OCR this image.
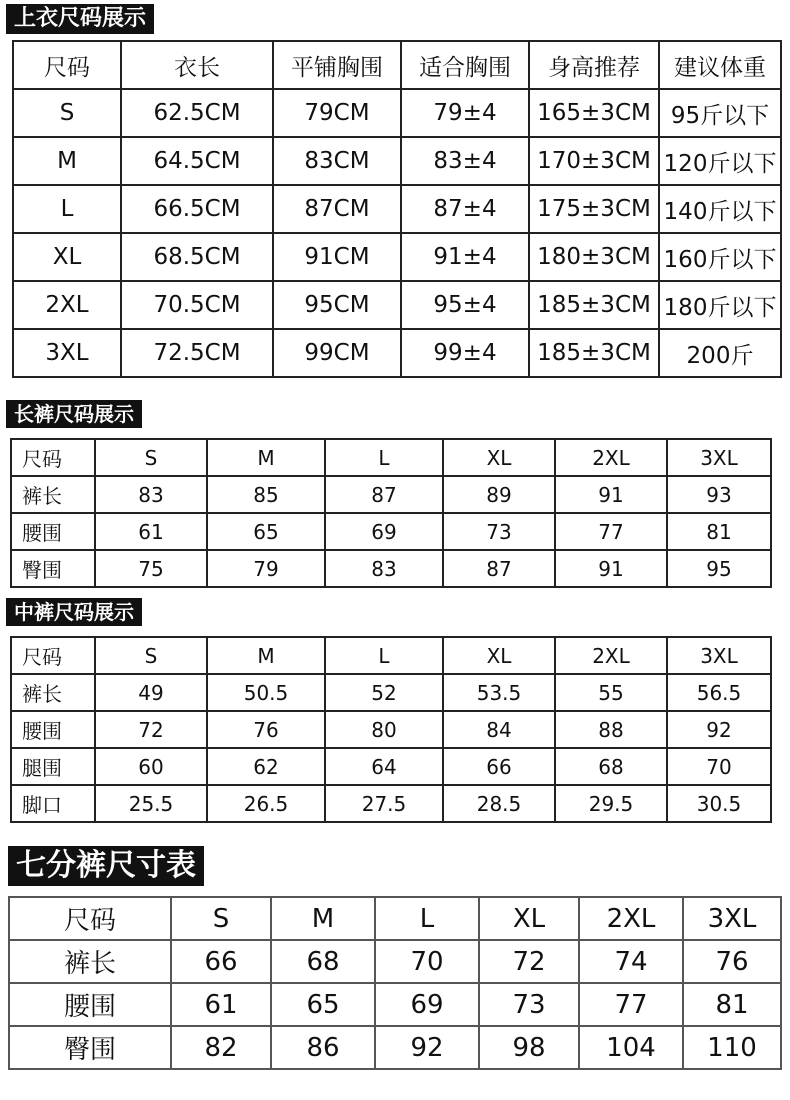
上衣尺码展示
尺码	衣长	平铺胸围	适合胸围	身高推荐	建议体重
S	62.5CM	79CM	79±4	165±3CM	95斤以下
M	64.5CM	83CM	83±4	170±3CM	120斤以下
L	66.5CM	87CM	87±4	175±3CM	140斤以下
XL	68.5CM	91CM	91±4	180±3CM	160斤以下
2XL	70.5CM	95CM	95±4	185±3CM	180斤以下
3XL	72.5CM	99CM	99±4	185±3CM	200斤
长裤尺码展示
尺码	S	M	L	XL	2XL	3XL
裤长	83	85	87	89	91	93
腰围	61	65	69	73	77	81
臀围	75	79	83	87	91	95
中裤尺码展示
尺码	S	M	L	XL	2XL	3XL
裤长	49	50.5	52	53.5	55	56.5
腰围	72	76	80	84	88	92
腿围	60	62	64	66	68	70
脚口	25.5	26.5	27.5	28.5	29.5	30.5
七分裤尺寸表
尺码	S	M	L	XL	2XL	3XL
裤长	66	68	70	72	74	76
腰围	61	65	69	73	77	81
臀围	82	86	92	98	104	110
